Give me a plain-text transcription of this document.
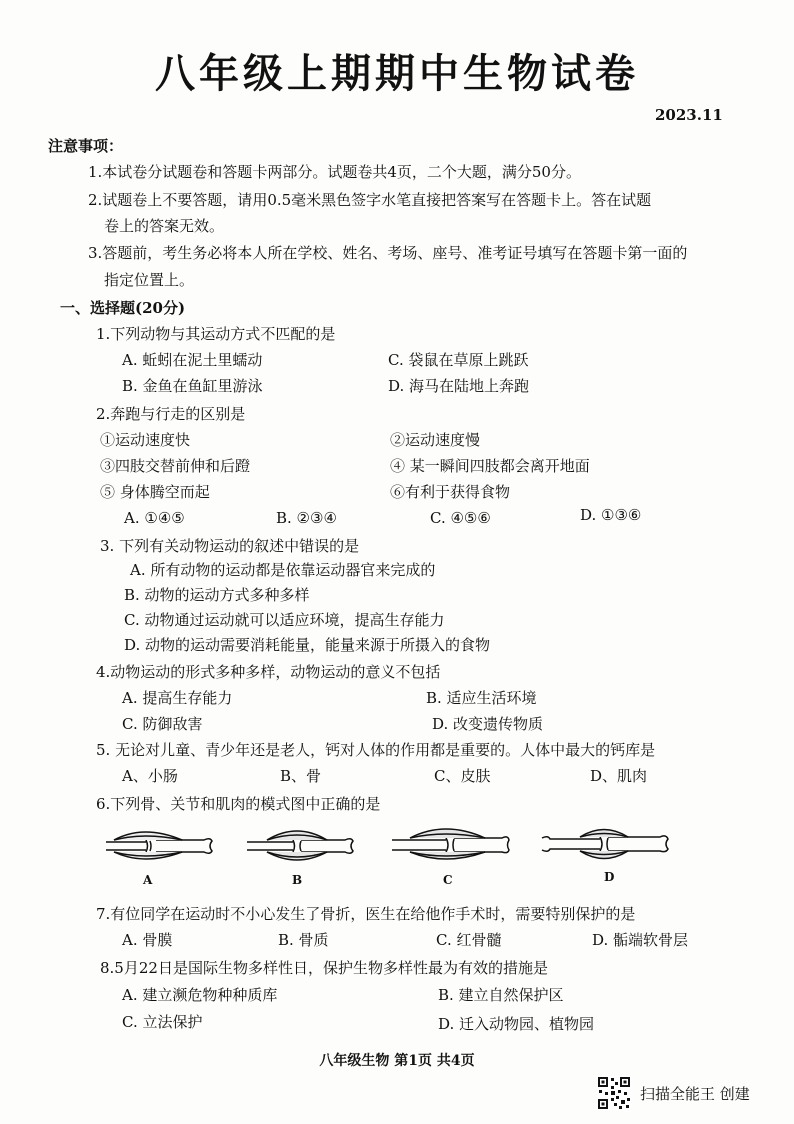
八年级上期期中生物试卷
2023.11
注意事项：
1.本试卷分试题卷和答题卡两部分。试题卷共4页，二个大题，满分50分。
2.试题卷上不要答题，请用0.5毫米黑色签字水笔直接把答案写在答题卡上。答在试题
卷上的答案无效。
3.答题前，考生务必将本人所在学校、姓名、考场、座号、准考证号填写在答题卡第一面的
指定位置上。
一、选择题(20分)
1.下列动物与其运动方式不匹配的是
A. 蚯蚓在泥土里蠕动	C. 袋鼠在草原上跳跃
B. 金鱼在鱼缸里游泳	D. 海马在陆地上奔跑
2.奔跑与行走的区别是
①运动速度快	②运动速度慢
③四肢交替前伸和后蹬	④ 某一瞬间四肢都会离开地面
⑤ 身体腾空而起	⑥有利于获得食物
A. ①④⑤	B. ②③④	C. ④⑤⑥	D. ①③⑥
3. 下列有关动物运动的叙述中错误的是
A. 所有动物的运动都是依靠运动器官来完成的
B. 动物的运动方式多种多样
C. 动物通过运动就可以适应环境，提高生存能力
D. 动物的运动需要消耗能量，能量来源于所摄入的食物
4.动物运动的形式多种多样，动物运动的意义不包括
A. 提高生存能力	B. 适应生活环境
C. 防御敌害	D. 改变遗传物质
5. 无论对儿童、青少年还是老人，钙对人体的作用都是重要的。人体中最大的钙库是
A、小肠	B、骨	C、皮肤	D、肌肉
6.下列骨、关节和肌肉的模式图中正确的是
A	B	C	D
7.有位同学在运动时不小心发生了骨折，医生在给他作手术时，需要特别保护的是
A. 骨膜	B. 骨质	C. 红骨髓	D. 骺端软骨层
8.5月22日是国际生物多样性日，保护生物多样性最为有效的措施是
A. 建立濒危物种种质库	B. 建立自然保护区
C. 立法保护	D. 迁入动物园、植物园
八年级生物 第1页 共4页
扫描全能王 创建
